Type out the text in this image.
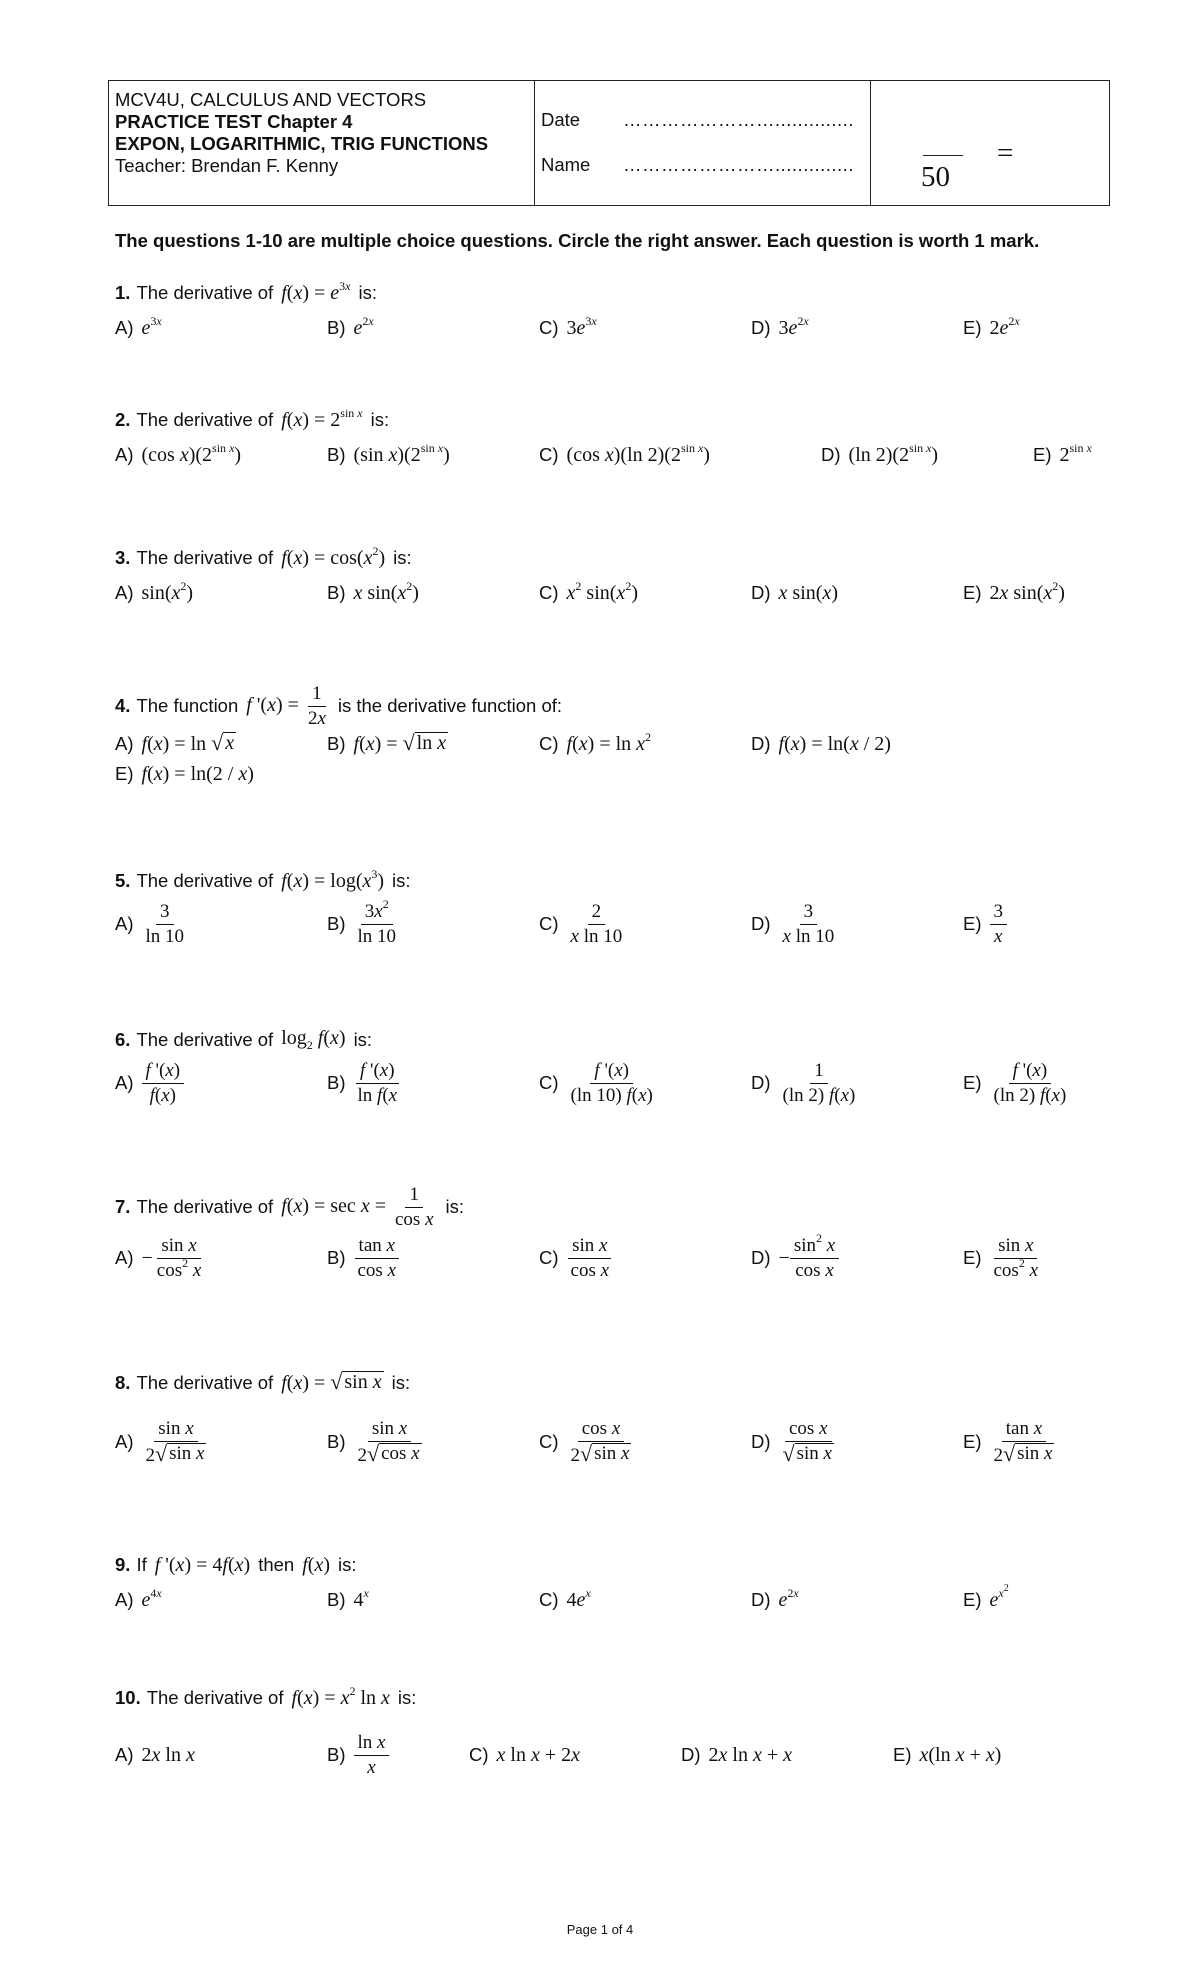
MCV4U, CALCULUS AND VECTORS
PRACTICE TEST Chapter 4
EXPON, LOGARITHMIC, TRIG FUNCTIONS
Teacher: Brendan F. Kenny
Date	……………………..............
Name	…………………….............. 50
=
The questions 1-10 are multiple choice questions. Circle the right answer. Each question is worth 1 mark.
1. The derivative of $f(x) = e^{3x}$ is:
A) $e^{3x}$	B) $e^{2x}$	C) $3e^{3x}$	D) $3e^{2x}$	E) $2e^{2x}$
2. The derivative of $f(x) = 2^{sin x}$ is:
A) (cos $x)(2^{sin x})$	B) (sin $x)(2^{sin x})$	C) (cos x)(ln $2)(2^{sin x})$	D) (ln $2)(2^{sin x})$	E) $2^{sin x}$
3. The derivative of $f(x) = \cos(x^2)$ is:
A) $\sin(x^2)$	B) x $\sin(x^2)$	C) $x^2$ $\sin(x^2)$	D) x sin(x)	E) 2x $\sin(x^2)$
4. The function f '$(x) = \frac{1}{2x}$ is the derivative function of:
A) f(x) = ln √ x	B) f(x) = √ ln x	C) $f(x) = \ln x^2$	D) f(x) = ln(x / 2)
E) f(x) = ln(2 / x)
5. The derivative of $f(x) = \log(x^3)$ is:
$A) \frac{3}{\ln 10}$	$B) \frac{3x^2}{\ln 10}$	$C) \frac{2}{\text{x ln 10}}$	$D) \frac{3}{\text{x ln 10}}$	$E) \frac{3}{x}$
6. The derivative of $\log_2 f(x)$ is:
$A) \frac{f '(x)}{f(x)}$	$B) \frac{f '(x)}{\text{ln f(x}}$	$C) \frac{f '(x)}{(\ln 10) f(x)}$	$D) \frac{1}{(\ln 2) f(x)}$	$E) \frac{f '(x)}{(\ln 2) f(x)}$
7. The derivative of $f(x) = \sec x = \frac{1}{\text{cos x}}$ is:
$A) - \frac{\text{sin x}}{\cos^2 x}$	$B) \frac{\text{tan x}}{\text{cos x}}$	$C) \frac{\text{sin x}}{\text{cos x}}$	$D) - \frac{\sin^2 x}{\text{cos x}}$	$E) \frac{\text{sin x}}{\cos^2 x}$
8. The derivative of f(x) = √ sin x is:
$A) \frac{\text{sin x}}{\text{2 √ sin x}}$	$B) \frac{\text{sin x}}{\text{2 √ cos x}}$	$C) \frac{\text{cos x}}{\text{2 √ sin x}}$	$D) \frac{\text{cos x}}{\text{√ sin x}}$	$E) \frac{\text{tan x}}{\text{2 √ sin x}}$
9. If f '(x) = 4f(x) then f(x) is:
A) $e^{4x}$	B) 4$^x$	C) $4e^x$	D) $e^{2x}$	E) $e^{x^2}$
10. The derivative of $f(x) = x^2$ ln x is:
A) 2x ln x	$B) \frac{\text{ln x}}{x}$	C) x ln x + 2x	D) 2x ln x + x	E) x(ln x + x)
Page 1 of 4
